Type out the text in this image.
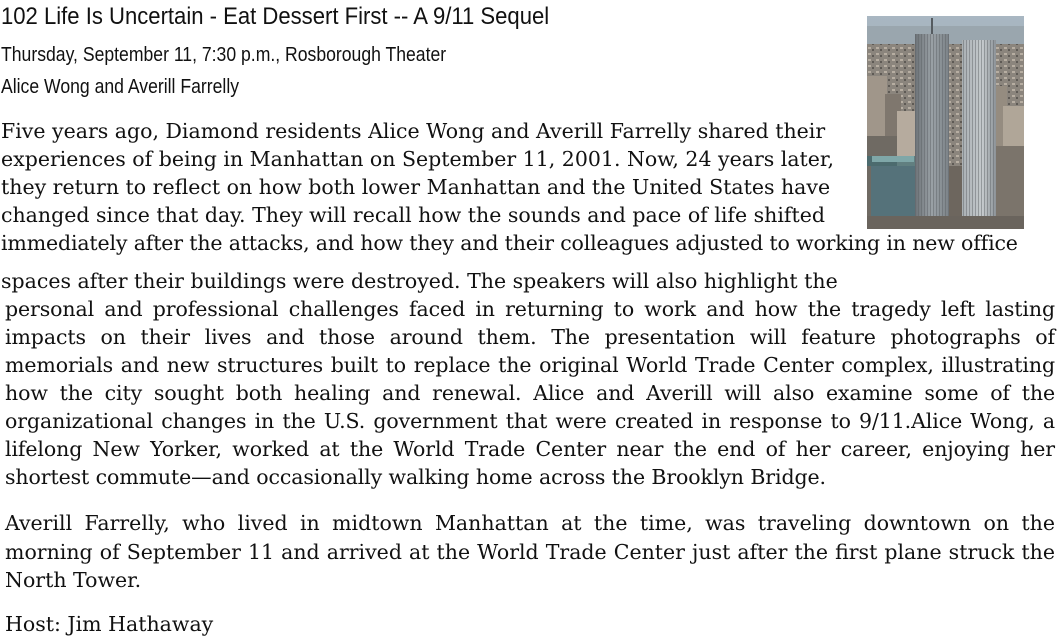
102 Life Is Uncertain - Eat Dessert First -- A 9/11 Sequel
Thursday, September 11, 7:30 p.m., Rosborough Theater
Alice Wong and Averill Farrelly
Five years ago, Diamond residents Alice Wong and Averill Farrelly shared their
experiences of being in Manhattan on September 11, 2001. Now, 24 years later,
they return to reflect on how both lower Manhattan and the United States have
changed since that day. They will recall how the sounds and pace of life shifted
immediately after the attacks, and how they and their colleagues adjusted to working in new office
spaces after their buildings were destroyed. The speakers will also highlight the
personal and professional challenges faced in returning to work and how the tragedy left lasting impacts on their lives and those around them. The presentation will feature photographs of memorials and new structures built to replace the original World Trade Center complex, illustrating how the city sought both healing and renewal. Alice and Averill will also examine some of the organizational changes in the U.S. government that were created in response to 9/11.Alice Wong, a lifelong New Yorker, worked at the World Trade Center near the end of her career, enjoying her shortest commute—and occasionally walking home across the Brooklyn Bridge.
Averill Farrelly, who lived in midtown Manhattan at the time, was traveling downtown on the morning of September 11 and arrived at the World Trade Center just after the first plane struck the North Tower.
Host: Jim Hathaway
